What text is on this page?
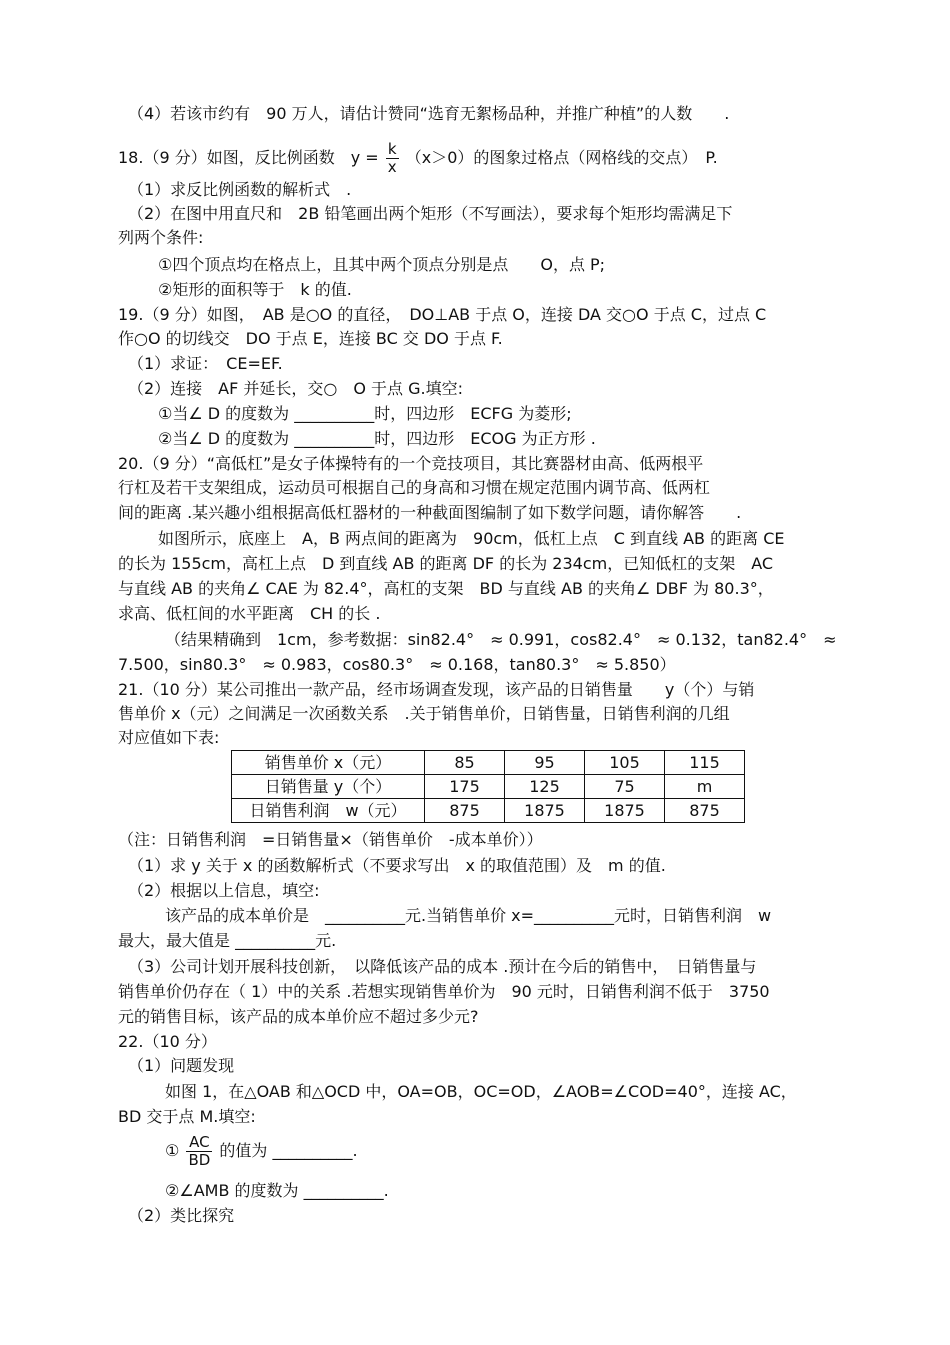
（4）若该市约有　90 万人，请估计赞同“选育无絮杨品种，并推广种植”的人数　　.

18.（9 分）如图，反比例函数　$y = \frac{k}{x} (x>0)$的图象过格点（网格线的交点）　P.

（1）求反比例函数的解析式　.

（2）在图中用直尺和　2B 铅笔画出两个矩形（不写画法），要求每个矩形均需满足下

列两个条件:

①四个顶点均在格点上，且其中两个顶点分别是点　　O，点 P;

②矩形的面积等于　k 的值.

19.（9 分）如图，　AB 是○O 的直径，　DO⊥AB 于点 O，连接 DA 交○O 于点 C，过点 C

作○O 的切线交　DO 于点 E，连接 BC 交 DO 于点 F.

（1）求证：　CE=EF.

（2）连接　AF 并延长，交○　O 于点 G.填空:

①当∠ D 的度数为 __________时，四边形　ECFG 为菱形;

②当∠ D 的度数为 __________时，四边形　ECOG 为正方形 .

20.（9 分）“高低杠”是女子体操特有的一个竞技项目，其比赛器材由高、低两根平

行杠及若干支架组成，运动员可根据自己的身高和习惯在规定范围内调节高、低两杠

间的距离 .某兴趣小组根据高低杠器材的一种截面图编制了如下数学问题，请你解答　　.

如图所示，底座上　A，B 两点间的距离为　90cm，低杠上点　C 到直线 AB 的距离 CE

的长为 155cm，高杠上点　D 到直线 AB 的距离 DF 的长为 234cm，已知低杠的支架　AC

与直线 AB 的夹角∠ CAE 为 82.4°，高杠的支架　BD 与直线 AB 的夹角∠ DBF 为 80.3°，

求高、低杠间的水平距离　CH 的长 .

（结果精确到　1cm，参考数据：sin82.4°　≈ 0.991，cos82.4°　≈ 0.132，tan82.4°　≈

7.500，sin80.3°　≈ 0.983，cos80.3°　≈ 0.168，tan80.3°　≈ 5.850）

21.（10 分）某公司推出一款产品，经市场调查发现，该产品的日销售量　　y（个）与销

售单价 x（元）之间满足一次函数关系　.关于销售单价，日销售量，日销售利润的几组

对应值如下表:

销售单价 x（元）	85	95	105	115
日销售量 y（个）	175	125	75	m
日销售利润　w（元）	875	1875	1875	875

（注：日销售利润　=日销售量×（销售单价　-成本单价））

（1）求 y 关于 x 的函数解析式（不要求写出　x 的取值范围）及　m 的值.

（2）根据以上信息，填空:

该产品的成本单价是　__________元.当销售单价 x=__________元时，日销售利润　w

最大，最大值是 __________元.

（3）公司计划开展科技创新，　以降低该产品的成本 .预计在今后的销售中，　日销售量与

销售单价仍存在（ 1）中的关系 .若想实现销售单价为　90 元时，日销售利润不低于　3750

元的销售目标，该产品的成本单价应不超过多少元?

22.（10 分）

（1）问题发现

如图 1，在△OAB 和△OCD 中，OA=OB，OC=OD，∠AOB=∠COD=40°，连接 AC，

BD 交于点 M.填空:

① $\frac{AC}{BD}$ 的值为 __________.

②∠AMB 的度数为 __________.

（2）类比探究
